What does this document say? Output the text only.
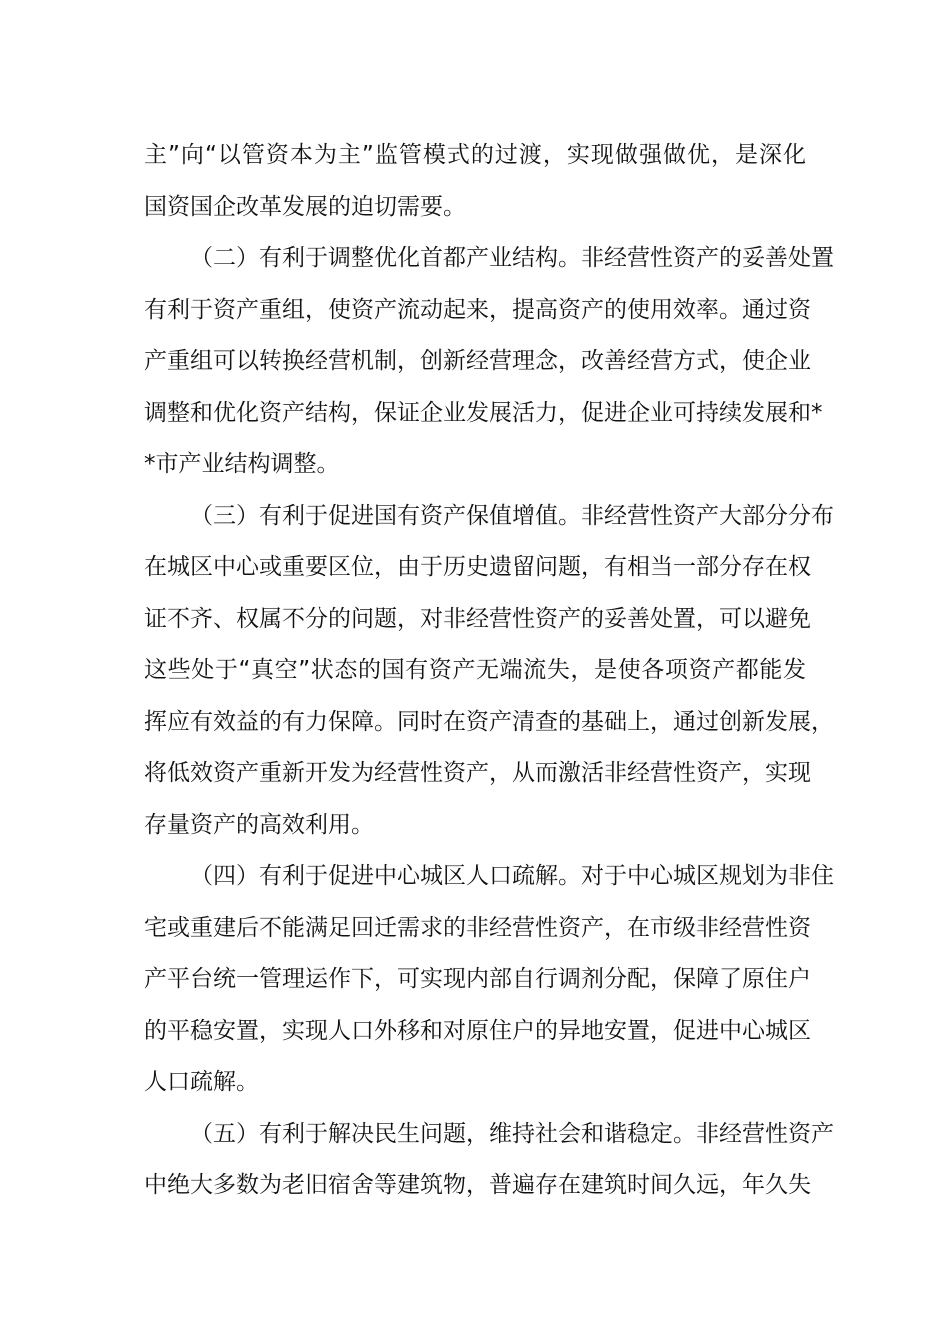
主”向“以管资本为主”监管模式的过渡，实现做强做优，是深化
国资国企改革发展的迫切需要。
（二）有利于调整优化首都产业结构。非经营性资产的妥善处置
有利于资产重组，使资产流动起来，提高资产的使用效率。通过资
产重组可以转换经营机制，创新经营理念，改善经营方式，使企业
调整和优化资产结构，保证企业发展活力，促进企业可持续发展和*
*市产业结构调整。
（三）有利于促进国有资产保值增值。非经营性资产大部分分布
在城区中心或重要区位，由于历史遗留问题，有相当一部分存在权
证不齐、权属不分的问题，对非经营性资产的妥善处置，可以避免
这些处于“真空”状态的国有资产无端流失，是使各项资产都能发
挥应有效益的有力保障。同时在资产清查的基础上，通过创新发展，
将低效资产重新开发为经营性资产，从而激活非经营性资产，实现
存量资产的高效利用。
（四）有利于促进中心城区人口疏解。对于中心城区规划为非住
宅或重建后不能满足回迁需求的非经营性资产，在市级非经营性资
产平台统一管理运作下，可实现内部自行调剂分配，保障了原住户
的平稳安置，实现人口外移和对原住户的异地安置，促进中心城区
人口疏解。
（五）有利于解决民生问题，维持社会和谐稳定。非经营性资产
中绝大多数为老旧宿舍等建筑物，普遍存在建筑时间久远，年久失
